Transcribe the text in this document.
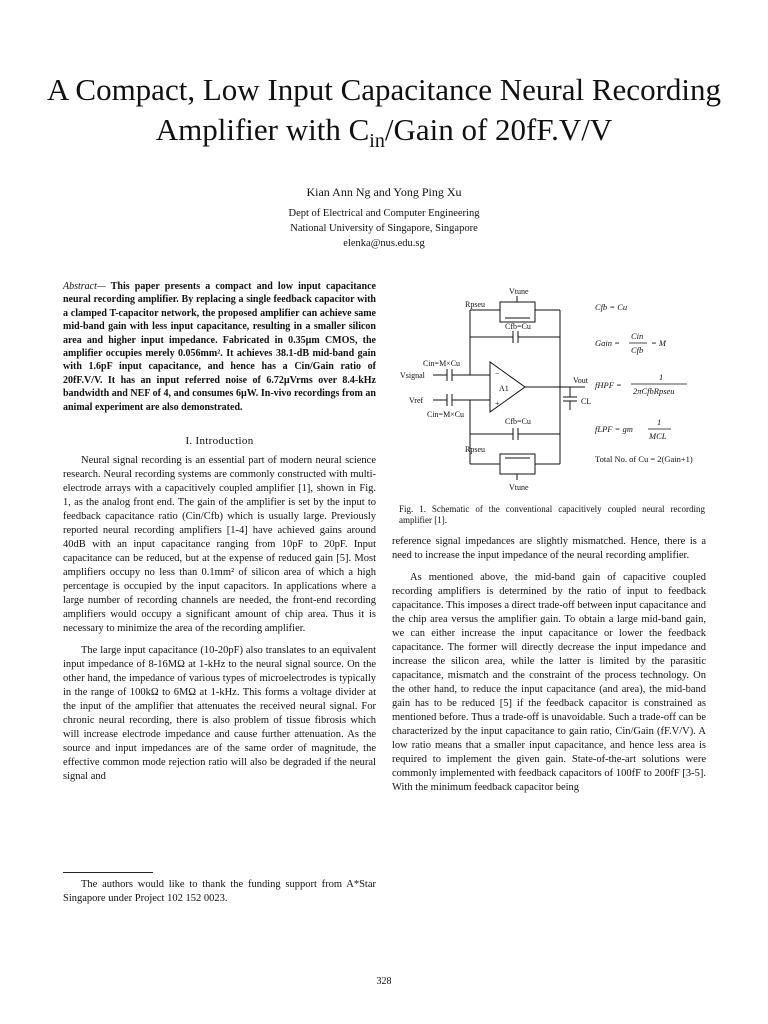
A Compact, Low Input Capacitance Neural Recording
Amplifier with $C_{in}$/Gain of 20fF.V/V
Kian Ann Ng and Yong Ping Xu
Dept of Electrical and Computer Engineering
National University of Singapore, Singapore
elenka@nus.edu.sg
Abstract— This paper presents a compact and low input capacitance neural recording amplifier. By replacing a single feedback capacitor with a clamped T-capacitor network, the proposed amplifier can achieve same mid-band gain with less input capacitance, resulting in a smaller silicon area and higher input impedance. Fabricated in 0.35µm CMOS, the amplifier occupies merely 0.056mm². It achieves 38.1-dB mid-band gain with 1.6pF input capacitance, and hence has a Cin/Gain ratio of 20fF.V/V. It has an input referred noise of 6.72µVrms over 8.4-kHz bandwidth and NEF of 4, and consumes 6µW. In-vivo recordings from an animal experiment are also demonstrated.
I. Introduction

Neural signal recording is an essential part of modern neural science research. Neural recording systems are commonly constructed with multi-electrode arrays with a capacitively coupled amplifier [1], shown in Fig. 1, as the analog front end. The gain of the amplifier is set by the input to feedback capacitance ratio (Cin/Cfb) which is usually large. Previously reported neural recording amplifiers [1-4] have achieved gains around 40dB with an input capacitance ranging from 10pF to 20pF. Input capacitance can be reduced, but at the expense of reduced gain [5]. Most amplifiers occupy no less than 0.1mm² of silicon area of which a high percentage is occupied by the input capacitors. In applications where a large number of recording channels are needed, the front-end recording amplifiers would occupy a significant amount of chip area. Thus it is necessary to minimize the area of the recording amplifier.

The large input capacitance (10-20pF) also translates to an equivalent input impedance of 8-16MΩ at 1-kHz to the neural signal source. On the other hand, the impedance of various types of microelectrodes is typically in the range of 100kΩ to 6MΩ at 1-kHz. This forms a voltage divider at the input of the amplifier that attenuates the received neural signal. For chronic neural recording, there is also problem of tissue fibrosis which will increase electrode impedance and cause further attenuation. As the source and input impedances are of the same order of magnitude, the effective common mode rejection ratio will also be degraded if the neural signal and

Vtune
Rpseu
Cfb=Cu
Cin=M×Cu
Vsignal
Vref
Cin=M×Cu
A1
−
+
Vout
CL
Cfb=Cu
Rpseu
Vtune
Cfb = Cu
Gain =
Cin
Cfb
= M
fHPF =
1
2πCfbRpseu
fLPF = gm
1
MCL
Total No. of Cu = 2(Gain+1)
Fig. 1. Schematic of the conventional capacitively coupled neural recording amplifier [1].

reference signal impedances are slightly mismatched. Hence, there is a need to increase the input impedance of the neural recording amplifier.

As mentioned above, the mid-band gain of capacitive coupled recording amplifiers is determined by the ratio of input to feedback capacitance. This imposes a direct trade-off between input capacitance and the chip area versus the amplifier gain. To obtain a large mid-band gain, we can either increase the input capacitance or lower the feedback capacitance. The former will directly decrease the input impedance and increase the silicon area, while the latter is limited by the parasitic capacitance, mismatch and the constraint of the process technology. On the other hand, to reduce the input capacitance (and area), the mid-band gain has to be reduced [5] if the feedback capacitor is constrained as mentioned before. Thus a trade-off is unavoidable. Such a trade-off can be characterized by the input capacitance to gain ratio, Cin/Gain (fF.V/V). A low ratio means that a smaller input capacitance, and hence less area is required to implement the given gain. State-of-the-art solutions were commonly implemented with feedback capacitors of 100fF to 200fF [3-5]. With the minimum feedback capacitor being

The authors would like to thank the funding support from A*Star Singapore under Project 102 152 0023.
328
